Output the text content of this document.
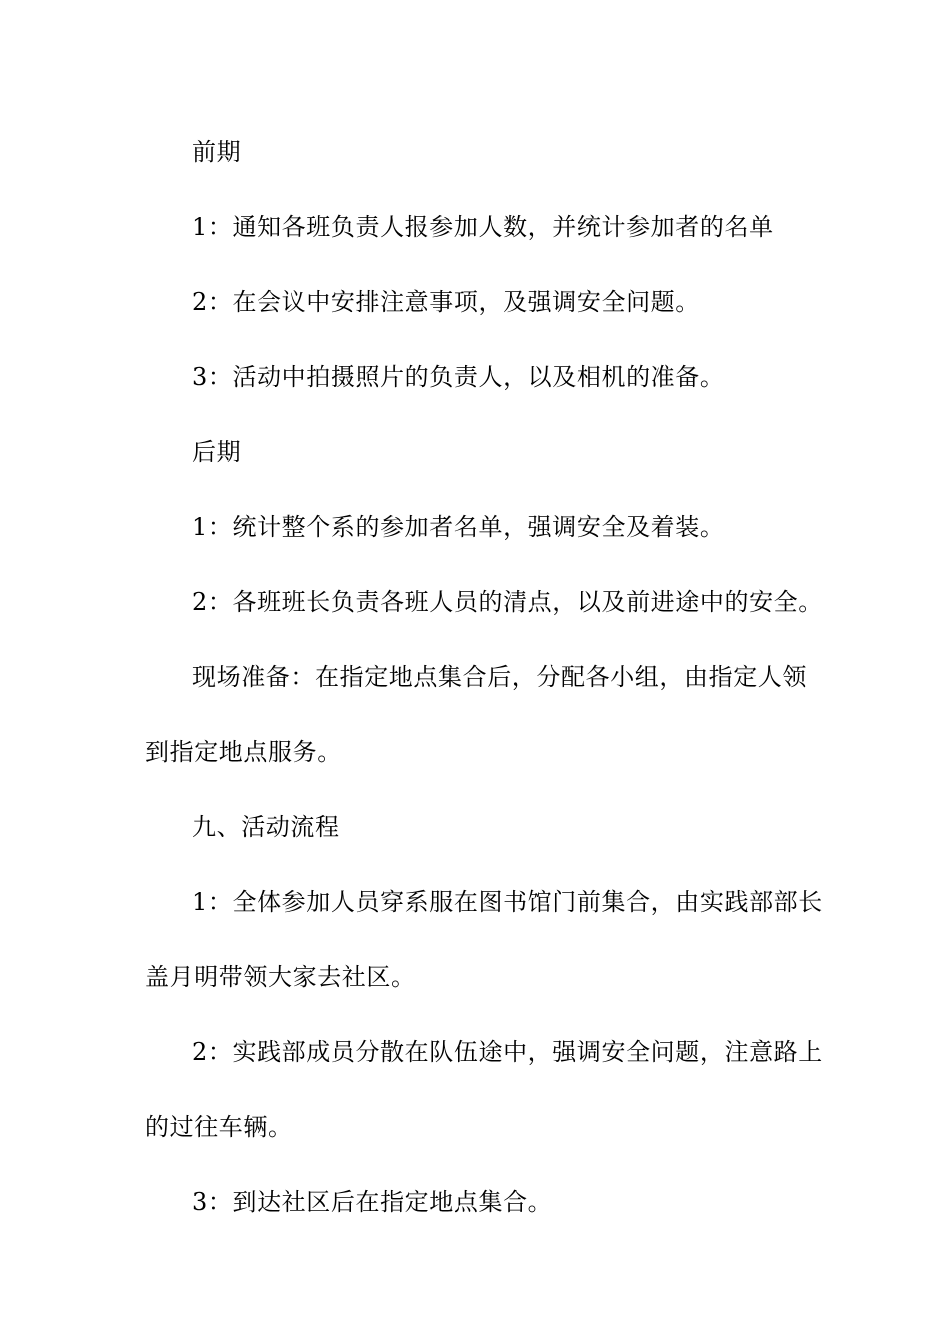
前期
1：通知各班负责人报参加人数，并统计参加者的名单
2：在会议中安排注意事项，及强调安全问题。
3：活动中拍摄照片的负责人，以及相机的准备。
后期
1：统计整个系的参加者名单，强调安全及着装。
2：各班班长负责各班人员的清点，以及前进途中的安全。
现场准备：在指定地点集合后，分配各小组，由指定人领
到指定地点服务。
九、活动流程
1：全体参加人员穿系服在图书馆门前集合，由实践部部长
盖月明带领大家去社区。
2：实践部成员分散在队伍途中，强调安全问题，注意路上
的过往车辆。
3：到达社区后在指定地点集合。
